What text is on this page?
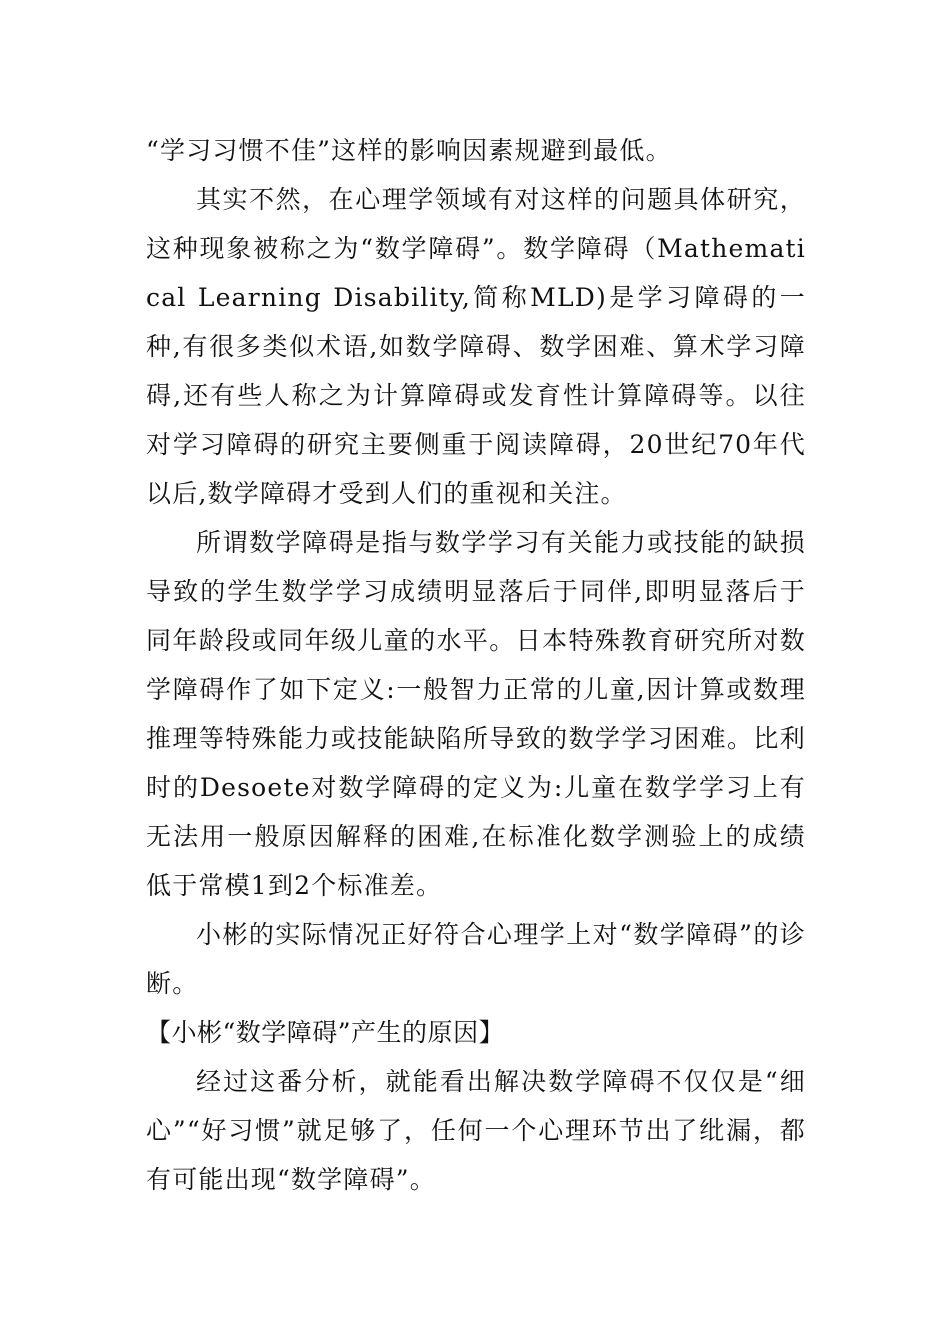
“学习习惯不佳”这样的影响因素规避到最低。

其实不然，在心理学领域有对这样的问题具体研究，这种现象被称之为“数学障碍”。数学障碍（Mathematical Learning Disability,简称MLD)是学习障碍的一种,有很多类似术语,如数学障碍、数学困难、算术学习障碍,还有些人称之为计算障碍或发育性计算障碍等。以往对学习障碍的研究主要侧重于阅读障碍，20世纪70年代以后,数学障碍才受到人们的重视和关注。

所谓数学障碍是指与数学学习有关能力或技能的缺损导致的学生数学学习成绩明显落后于同伴,即明显落后于同年龄段或同年级儿童的水平。日本特殊教育研究所对数学障碍作了如下定义:一般智力正常的儿童,因计算或数理推理等特殊能力或技能缺陷所导致的数学学习困难。比利时的Desoete对数学障碍的定义为:儿童在数学学习上有无法用一般原因解释的困难,在标准化数学测验上的成绩低于常模1到2个标准差。

小彬的实际情况正好符合心理学上对“数学障碍”的诊断。

【小彬“数学障碍”产生的原因】

经过这番分析，就能看出解决数学障碍不仅仅是“细心”“好习惯”就足够了，任何一个心理环节出了纰漏，都有可能出现“数学障碍”。
